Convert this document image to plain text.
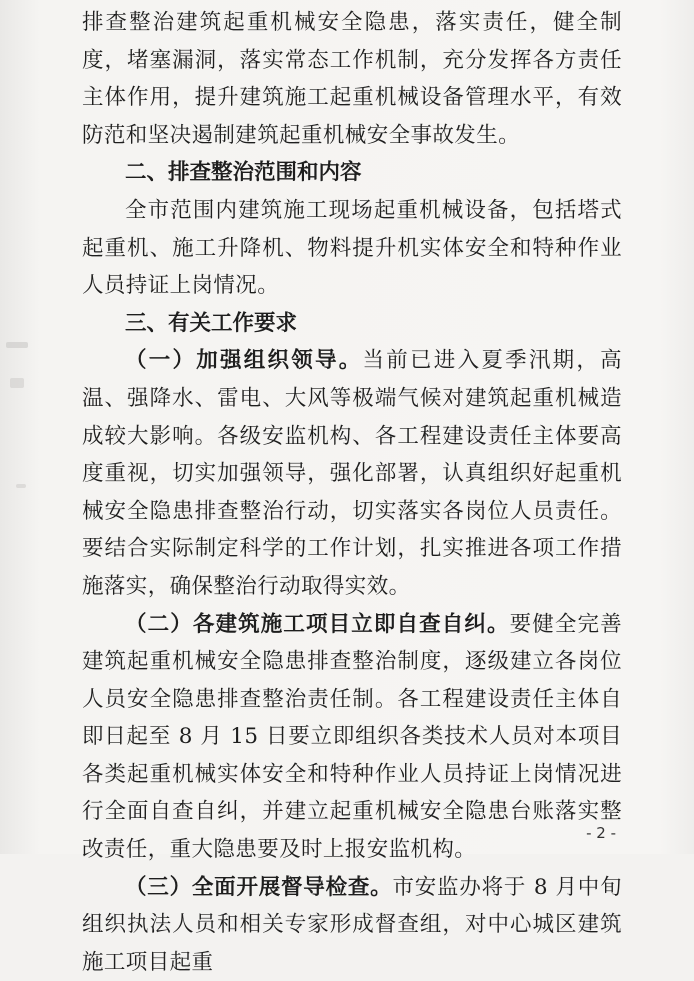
排查整治建筑起重机械安全隐患，落实责任，健全制度，堵塞漏洞，落实常态工作机制，充分发挥各方责任主体作用，提升建筑施工起重机械设备管理水平，有效防范和坚决遏制建筑起重机械安全事故发生。

二、排查整治范围和内容

全市范围内建筑施工现场起重机械设备，包括塔式起重机、施工升降机、物料提升机实体安全和特种作业人员持证上岗情况。

三、有关工作要求

（一）加强组织领导。当前已进入夏季汛期，高温、强降水、雷电、大风等极端气候对建筑起重机械造成较大影响。各级安监机构、各工程建设责任主体要高度重视，切实加强领导，强化部署，认真组织好起重机械安全隐患排查整治行动，切实落实各岗位人员责任。要结合实际制定科学的工作计划，扎实推进各项工作措施落实，确保整治行动取得实效。

（二）各建筑施工项目立即自查自纠。要健全完善建筑起重机械安全隐患排查整治制度，逐级建立各岗位人员安全隐患排查整治责任制。各工程建设责任主体自即日起至 8 月 15 日要立即组织各类技术人员对本项目各类起重机械实体安全和特种作业人员持证上岗情况进行全面自查自纠，并建立起重机械安全隐患台账落实整改责任，重大隐患要及时上报安监机构。

（三）全面开展督导检查。市安监办将于 8 月中旬组织执法人员和相关专家形成督查组，对中心城区建筑施工项目起重

- 2 -
